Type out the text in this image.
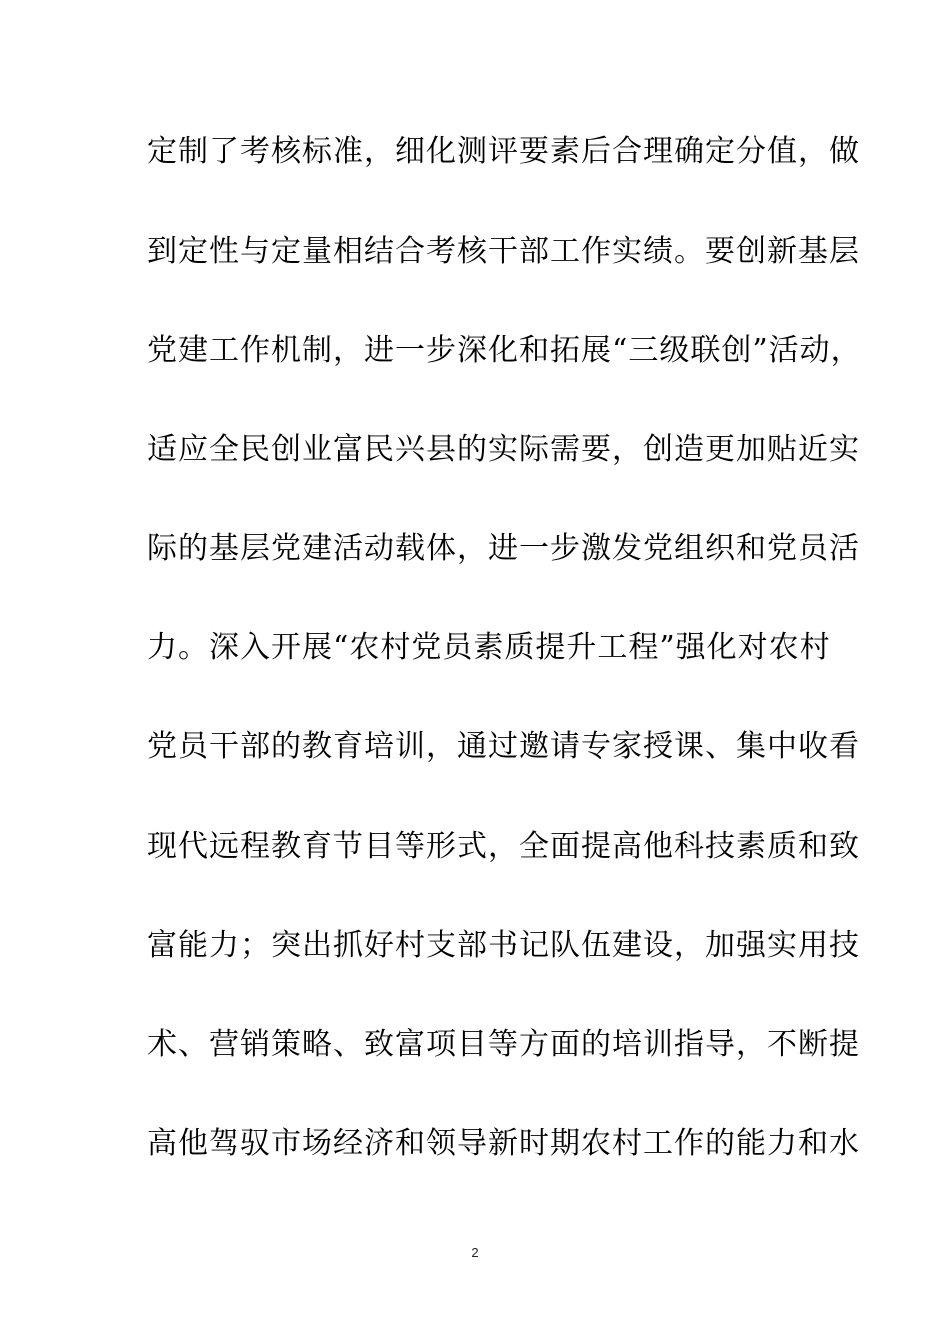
定制了考核标准，细化测评要素后合理确定分值，做
到定性与定量相结合考核干部工作实绩。要创新基层
党建工作机制，进一步深化和拓展“三级联创”活动，
适应全民创业富民兴县的实际需要，创造更加贴近实
际的基层党建活动载体，进一步激发党组织和党员活
力。深入开展“农村党员素质提升工程”强化对农村
党员干部的教育培训，通过邀请专家授课、集中收看
现代远程教育节目等形式，全面提高他科技素质和致
富能力；突出抓好村支部书记队伍建设，加强实用技
术、营销策略、致富项目等方面的培训指导，不断提
高他驾驭市场经济和领导新时期农村工作的能力和水
2
